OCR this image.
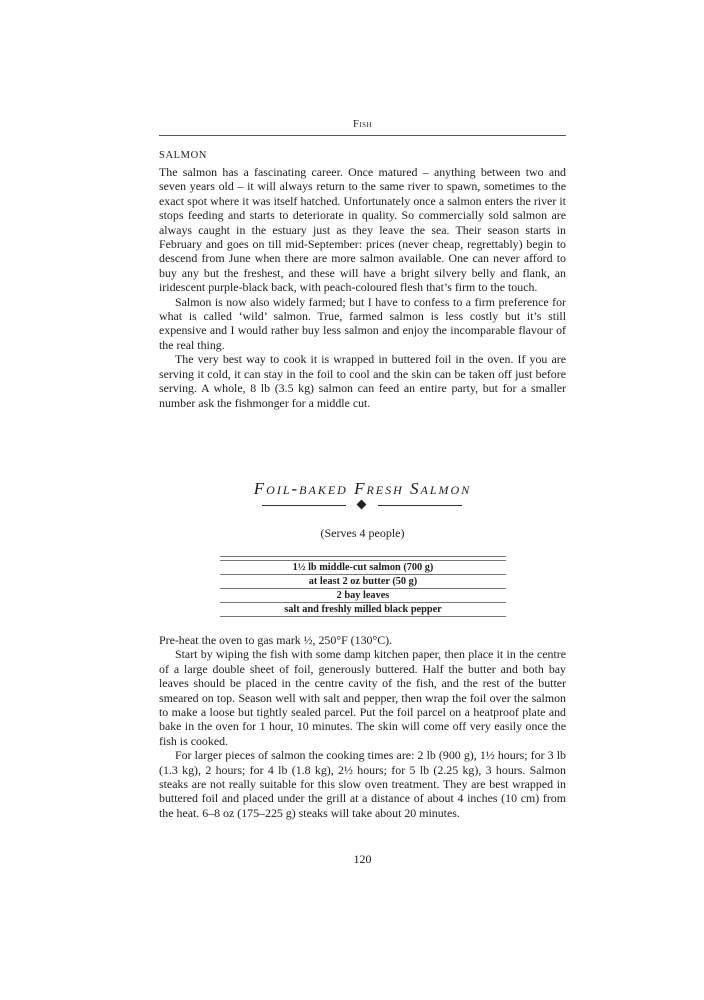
Fish
SALMON

The salmon has a fascinating career. Once matured – anything between two and seven years old – it will always return to the same river to spawn, sometimes to the exact spot where it was itself hatched. Unfortunately once a salmon enters the river it stops feeding and starts to deteriorate in quality. So commercially sold salmon are always caught in the estuary just as they leave the sea. Their season starts in February and goes on till mid-September: prices (never cheap, regrettably) begin to descend from June when there are more salmon available. One can never afford to buy any but the freshest, and these will have a bright silvery belly and flank, an iridescent purple-black back, with peach-coloured flesh that’s firm to the touch.

Salmon is now also widely farmed; but I have to confess to a firm preference for what is called ‘wild’ salmon. True, farmed salmon is less costly but it’s still expensive and I would rather buy less salmon and enjoy the incomparable flavour of the real thing.

The very best way to cook it is wrapped in buttered foil in the oven. If you are serving it cold, it can stay in the foil to cool and the skin can be taken off just before serving. A whole, 8 lb (3.5 kg) salmon can feed an entire party, but for a smaller number ask the fishmonger for a middle cut.

Foil-baked Fresh Salmon
(Serves 4 people)
1½ lb middle-cut salmon (700 g)
at least 2 oz butter (50 g)
2 bay leaves
salt and freshly milled black pepper

Pre-heat the oven to gas mark ½, 250°F (130°C).

Start by wiping the fish with some damp kitchen paper, then place it in the centre of a large double sheet of foil, generously buttered. Half the butter and both bay leaves should be placed in the centre cavity of the fish, and the rest of the butter smeared on top. Season well with salt and pepper, then wrap the foil over the salmon to make a loose but tightly sealed parcel. Put the foil parcel on a heatproof plate and bake in the oven for 1 hour, 10 minutes. The skin will come off very easily once the fish is cooked.

For larger pieces of salmon the cooking times are: 2 lb (900 g), 1½ hours; for 3 lb (1.3 kg), 2 hours; for 4 lb (1.8 kg), 2½ hours; for 5 lb (2.25 kg), 3 hours. Salmon steaks are not really suitable for this slow oven treatment. They are best wrapped in buttered foil and placed under the grill at a distance of about 4 inches (10 cm) from the heat. 6–8 oz (175–225 g) steaks will take about 20 minutes.

120
